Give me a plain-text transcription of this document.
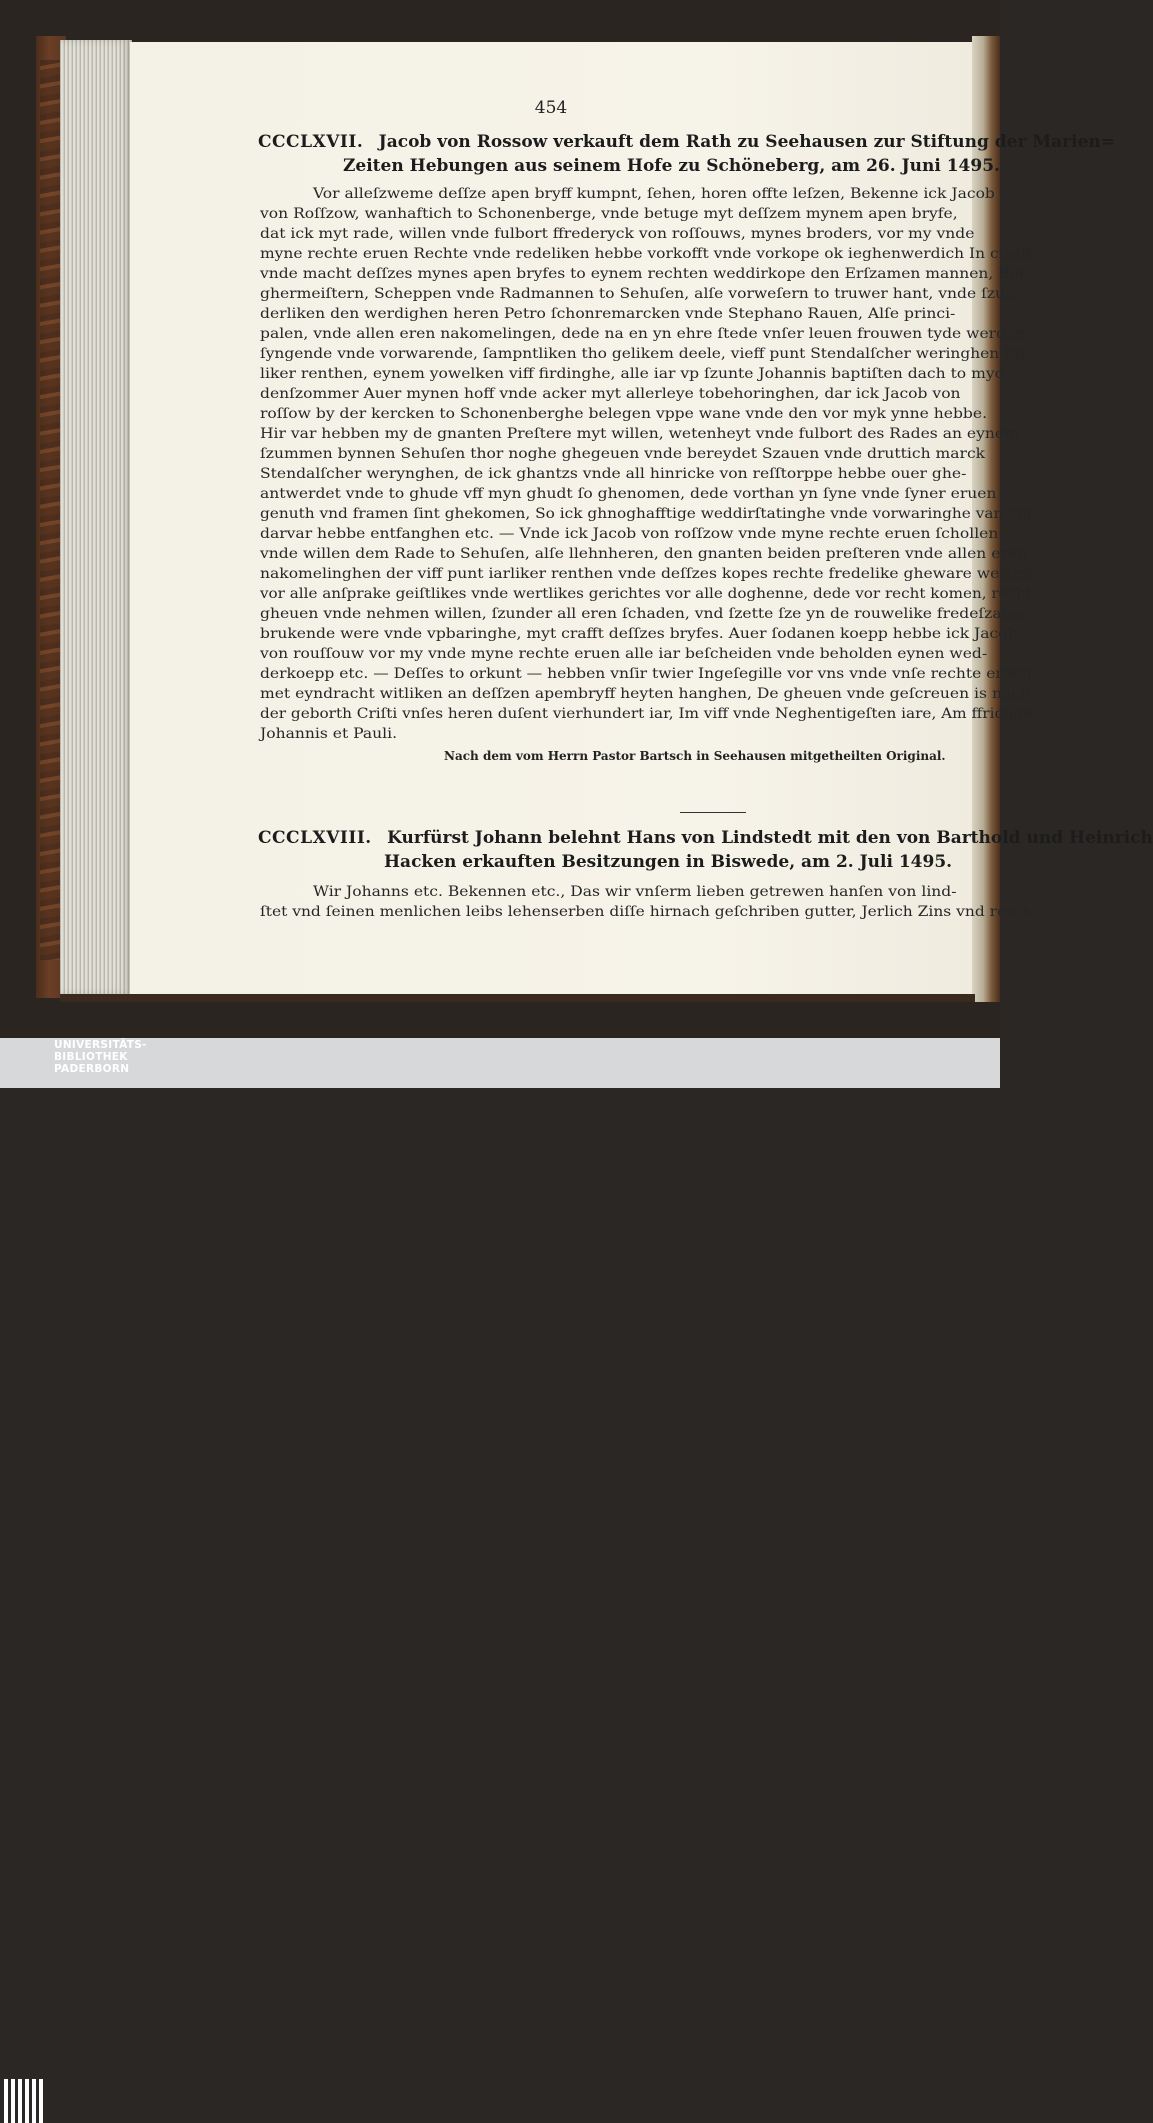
454
CCCLXVII. Jacob von Rossow verkauft dem Rath zu Seehausen zur Stiftung der Marien=
Zeiten Hebungen aus seinem Hofe zu Schöneberg, am 26. Juni 1495.
Vor alleſzweme deſſze apen bryff kumpnt, ſehen, horen offte leſzen, Bekenne ick Jacob
von Roſſzow, wanhaftich to Schonenberge, vnde betuge myt deſſzem mynem apen bryfe,
dat ick myt rade, willen vnde fulbort ffrederyck von roſſouws, mynes broders, vor my vnde
myne rechte eruen Rechte vnde redeliken hebbe vorkofft vnde vorkope ok ieghenwerdich In crafft
vnde macht deſſzes mynes apen bryfes to eynem rechten weddirkope den Erſzamen mannen, Bor-
ghermeiſtern, Scheppen vnde Radmannen to Sehuſen, alſe vorweſern to truwer hant, vnde ſzun-
derliken den werdighen heren Petro ſchonremarcken vnde Stephano Rauen, Alſe princi-
palen, vnde allen eren nakomelingen, dede na en yn ehre ſtede vnſer leuen frouwen tyde werden
ſyngende vnde vorwarende, ſampntliken tho gelikem deele, vieff punt Stendalſcher weringhen Jar-
liker renthen, eynem yowelken viff firdinghe, alle iar vp ſzunte Johannis baptiſten dach to myd-
denſzommer Auer mynen hoff vnde acker myt allerleye tobehoringhen, dar ick Jacob von
roſſow by der kercken to Schonenberghe belegen vppe wane vnde den vor myk ynne hebbe.
Hir var hebben my de gnanten Preſtere myt willen, wetenheyt vnde fulbort des Rades an eynem
ſzummen bynnen Sehuſen thor noghe ghegeuen vnde bereydet Szauen vnde druttich marck
Stendalſcher werynghen, de ick ghantzs vnde all hinricke von reſſtorppe hebbe ouer ghe-
antwerdet vnde to ghude vff myn ghudt ſo ghenomen, dede vorthan yn ſyne vnde ſyner eruen
genuth vnd framen ſint ghekomen, So ick ghnoghafftige weddirſtatinghe vnde vorwaringhe van om
darvar hebbe entfanghen etc. — Vnde ick Jacob von roſſzow vnde myne rechte eruen ſchollen
vnde willen dem Rade to Sehuſen, alſe llehnheren, den gnanten beiden preſteren vnde allen eren
nakomelinghen der viff punt iarliker renthen vnde deſſzes kopes rechte fredelike gheware weſzen
vor alle anſprake geiſtlikes vnde wertlikes gerichtes vor alle doghenne, dede vor recht komen, recht
gheuen vnde nehmen willen, ſzunder all eren ſchaden, vnd ſzette ſze yn de rouwelike fredeſzame
brukende were vnde vpbaringhe, myt crafft deſſzes bryfes. Auer ſodanen koepp hebbe ick Jacob
von rouſſouw vor my vnde myne rechte eruen alle iar beſcheiden vnde beholden eynen wed-
derkoepp etc. — Deſſes to orkunt — hebben vnſir twier Ingeſegille vor vns vnde vnſe rechte eruen
met eyndracht witliken an deſſzen apembryff heyten hanghen, De gheuen vnde geſcreuen is nach
der geborth Criſti vnſes heren duſent vierhundert iar, Im viff vnde Neghentigeſten iare, Am ffridage
Johannis et Pauli.
Nach dem vom Herrn Pastor Bartsch in Seehausen mitgetheilten Original.
CCCLXVIII. Kurfürst Johann belehnt Hans von Lindstedt mit den von Barthold und Heinrich
Hacken erkauften Besitzungen in Biswede, am 2. Juli 1495.
Wir Johanns etc. Bekennen etc., Das wir vnſerm lieben getrewen hanſen von lind-
ſtet vnd ſeinen menlichen leibs lehenserben diſſe hirnach geſchriben gutter, Jerlich Zins vnd renth
UNIVERSITÄTS-
BIBLIOTHEK
PADERBORN
